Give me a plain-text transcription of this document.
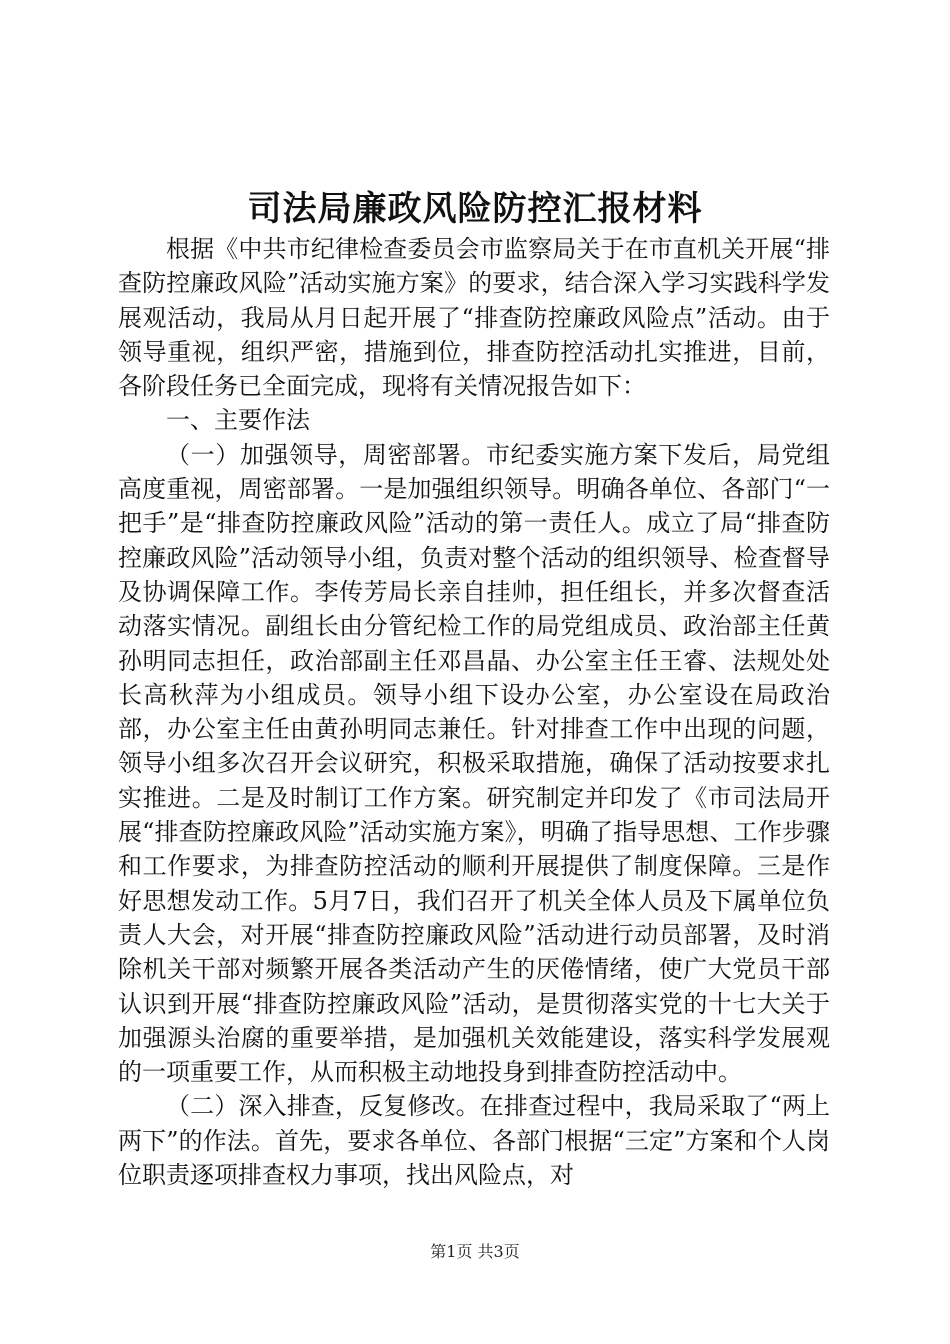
司法局廉政风险防控汇报材料

根据《中共市纪律检查委员会市监察局关于在市直机关开展“排查防控廉政风险”活动实施方案》的要求，结合深入学习实践科学发展观活动，我局从月日起开展了“排查防控廉政风险点”活动。由于领导重视，组织严密，措施到位，排查防控活动扎实推进，目前，各阶段任务已全面完成，现将有关情况报告如下：

一、主要作法

（一）加强领导，周密部署。市纪委实施方案下发后，局党组高度重视，周密部署。一是加强组织领导。明确各单位、各部门“一把手”是“排查防控廉政风险”活动的第一责任人。成立了局“排查防控廉政风险”活动领导小组，负责对整个活动的组织领导、检查督导及协调保障工作。李传芳局长亲自挂帅，担任组长，并多次督查活动落实情况。副组长由分管纪检工作的局党组成员、政治部主任黄孙明同志担任，政治部副主任邓昌晶、办公室主任王睿、法规处处长高秋萍为小组成员。领导小组下设办公室，办公室设在局政治部，办公室主任由黄孙明同志兼任。针对排查工作中出现的问题，领导小组多次召开会议研究，积极采取措施，确保了活动按要求扎实推进。二是及时制订工作方案。研究制定并印发了《市司法局开展“排查防控廉政风险”活动实施方案》，明确了指导思想、工作步骤和工作要求，为排查防控活动的顺利开展提供了制度保障。三是作好思想发动工作。5月7日，我们召开了机关全体人员及下属单位负责人大会，对开展“排查防控廉政风险”活动进行动员部署，及时消除机关干部对频繁开展各类活动产生的厌倦情绪，使广大党员干部认识到开展“排查防控廉政风险”活动，是贯彻落实党的十七大关于加强源头治腐的重要举措，是加强机关效能建设，落实科学发展观的一项重要工作，从而积极主动地投身到排查防控活动中。

（二）深入排查，反复修改。在排查过程中，我局采取了“两上两下”的作法。首先，要求各单位、各部门根据“三定”方案和个人岗位职责逐项排查权力事项，找出风险点，对

第1页 共3页
